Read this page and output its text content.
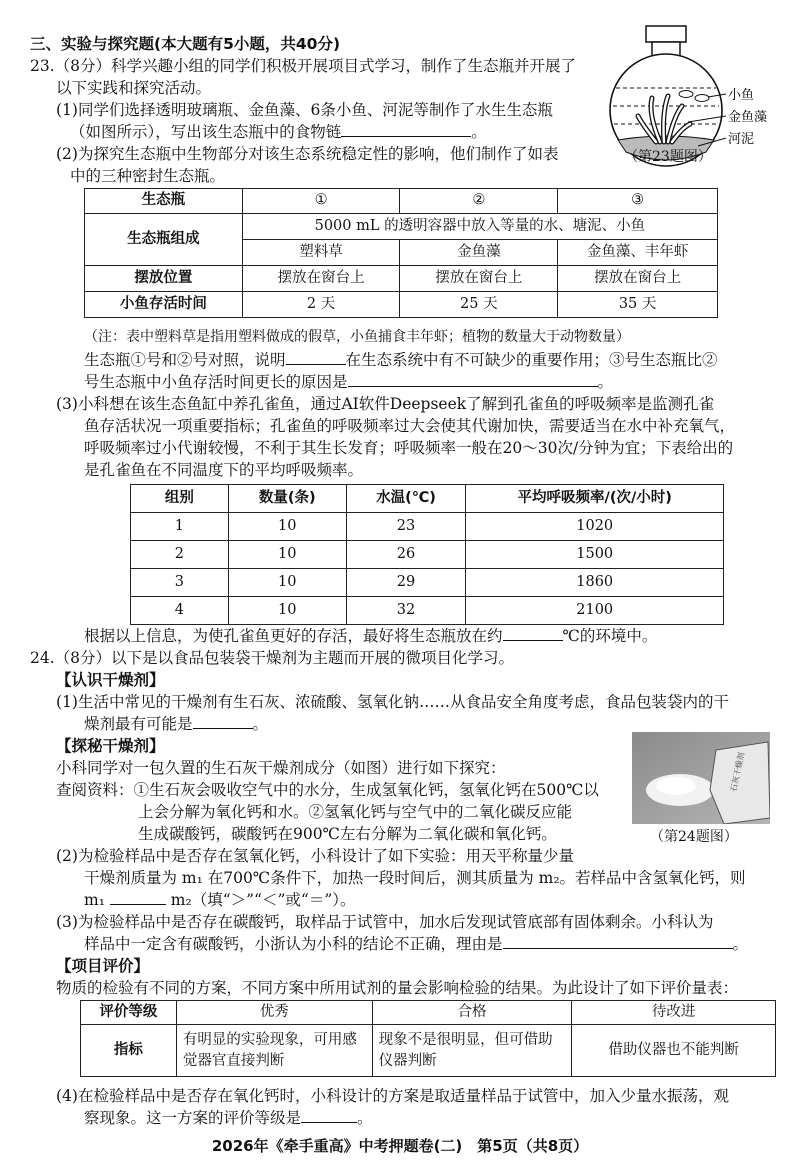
三、实验与探究题(本大题有5小题，共40分)
23.（8分）科学兴趣小组的同学们积极开展项目式学习，制作了生态瓶并开展了
以下实践和探究活动。
(1)同学们选择透明玻璃瓶、金鱼藻、6条小鱼、河泥等制作了水生生态瓶
（如图所示），写出该生态瓶中的食物链	。
(2)为探究生态瓶中生物部分对该生态系统稳定性的影响，他们制作了如表
中的三种密封生态瓶。
小鱼
金鱼藻
河泥
（第23题图）
生态瓶	①	②	③
生态瓶组成	5000 mL 的透明容器中放入等量的水、塘泥、小鱼		
	塑料草	金鱼藻	金鱼藻、丰年虾
摆放位置	摆放在窗台上	摆放在窗台上	摆放在窗台上
小鱼存活时间	2 天	25 天	35 天
（注：表中塑料草是指用塑料做成的假草，小鱼捕食丰年虾；植物的数量大于动物数量）
生态瓶①号和②号对照，说明	在生态系统中有不可缺少的重要作用；③号生态瓶比②
号生态瓶中小鱼存活时间更长的原因是	。
(3)小科想在该生态鱼缸中养孔雀鱼，通过AI软件Deepseek了解到孔雀鱼的呼吸频率是监测孔雀
鱼存活状况一项重要指标；孔雀鱼的呼吸频率过大会使其代谢加快，需要适当在水中补充氧气，
呼吸频率过小代谢较慢，不利于其生长发育；呼吸频率一般在20～30次/分钟为宜；下表给出的
是孔雀鱼在不同温度下的平均呼吸频率。
组别	数量(条)	水温(℃)	平均呼吸频率/(次/小时)
1	10	23	1020
2	10	26	1500
3	10	29	1860
4	10	32	2100
根据以上信息，为使孔雀鱼更好的存活，最好将生态瓶放在约	℃的环境中。
24.（8分）以下是以食品包装袋干燥剂为主题而开展的微项目化学习。
【认识干燥剂】
(1)生活中常见的干燥剂有生石灰、浓硫酸、氢氧化钠……从食品安全角度考虑，食品包装袋内的干
燥剂最有可能是	。
【探秘干燥剂】
小科同学对一包久置的生石灰干燥剂成分（如图）进行如下探究：
查阅资料：①生石灰会吸收空气中的水分，生成氢氧化钙，氢氧化钙在500℃以
上会分解为氧化钙和水。②氢氧化钙与空气中的二氧化碳反应能
生成碳酸钙，碳酸钙在900℃左右分解为二氧化碳和氧化钙。
石灰干燥剂
（第24题图）
(2)为检验样品中是否存在氢氧化钙，小科设计了如下实验：用天平称量少量
干燥剂质量为 m₁ 在700℃条件下，加热一段时间后，测其质量为 m₂。若样品中含氢氧化钙，则
m₁	m₂（填“＞”“＜”或“＝”）。
(3)为检验样品中是否存在碳酸钙，取样品于试管中，加水后发现试管底部有固体剩余。小科认为
样品中一定含有碳酸钙，小浙认为小科的结论不正确，理由是	。
【项目评价】
物质的检验有不同的方案，不同方案中所用试剂的量会影响检验的结果。为此设计了如下评价量表：
评价等级	优秀	合格	待改进
指标	有明显的实验现象，可用感觉器官直接判断	现象不是很明显，但可借助仪器判断	借助仪器也不能判断
(4)在检验样品中是否存在氧化钙时，小科设计的方案是取适量样品于试管中，加入少量水振荡，观
察现象。这一方案的评价等级是	。
2026年《牵手重高》中考押题卷(二)　第5页（共8页）
